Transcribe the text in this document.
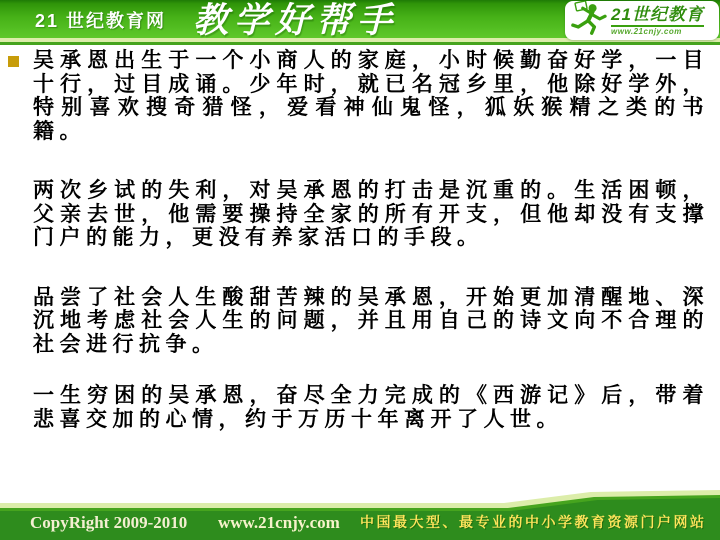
21 世纪教育网 教学好帮手	21世纪教育
www.21cnjy.com

吴承恩出生于一个小商人的家庭，小时候勤奋好学，一目十行，过目成诵。少年时，就已名冠乡里，他除好学外，特别喜欢搜奇猎怪，爱看神仙鬼怪，狐妖猴精之类的书籍。

两次乡试的失利，对吴承恩的打击是沉重的。生活困顿，父亲去世，他需要操持全家的所有开支，但他却没有支撑门户的能力，更没有养家活口的手段。

品尝了社会人生酸甜苦辣的吴承恩，开始更加清醒地、深沉地考虑社会人生的问题，并且用自己的诗文向不合理的社会进行抗争。

一生穷困的吴承恩，奋尽全力完成的《西游记》后，带着悲喜交加的心情，约于万历十年离开了人世。

CopyRight 2009-2010 www.21cnjy.com 中国最大型、最专业的中小学教育资源门户网站
